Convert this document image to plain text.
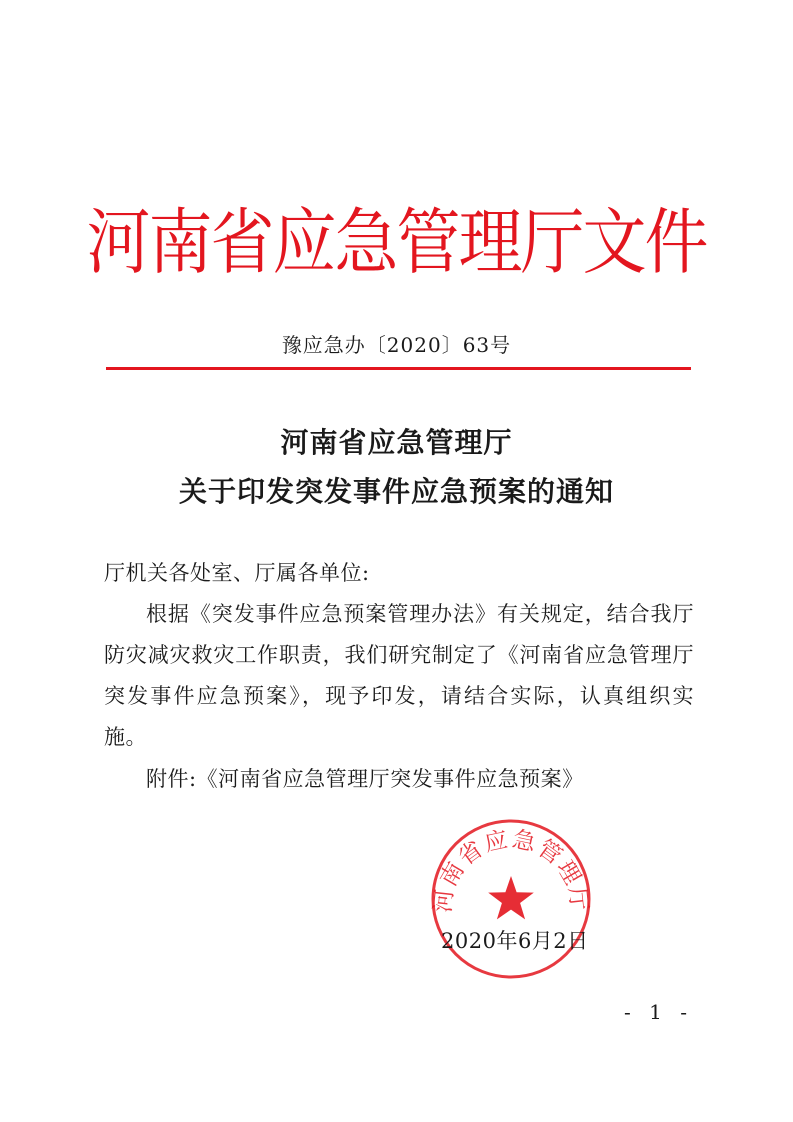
河南省应急管理厅文件
豫应急办〔2020〕63号
河南省应急管理厅
关于印发突发事件应急预案的通知
厅机关各处室、厅属各单位:
根据《突发事件应急预案管理办法》有关规定，结合我厅防灾减灾救灾工作职责，我们研究制定了《河南省应急管理厅突发事件应急预案》，现予印发，请结合实际，认真组织实施。
附件:《河南省应急管理厅突发事件应急预案》
河南省应急管理厅
2020年6月2日
- 1 -
